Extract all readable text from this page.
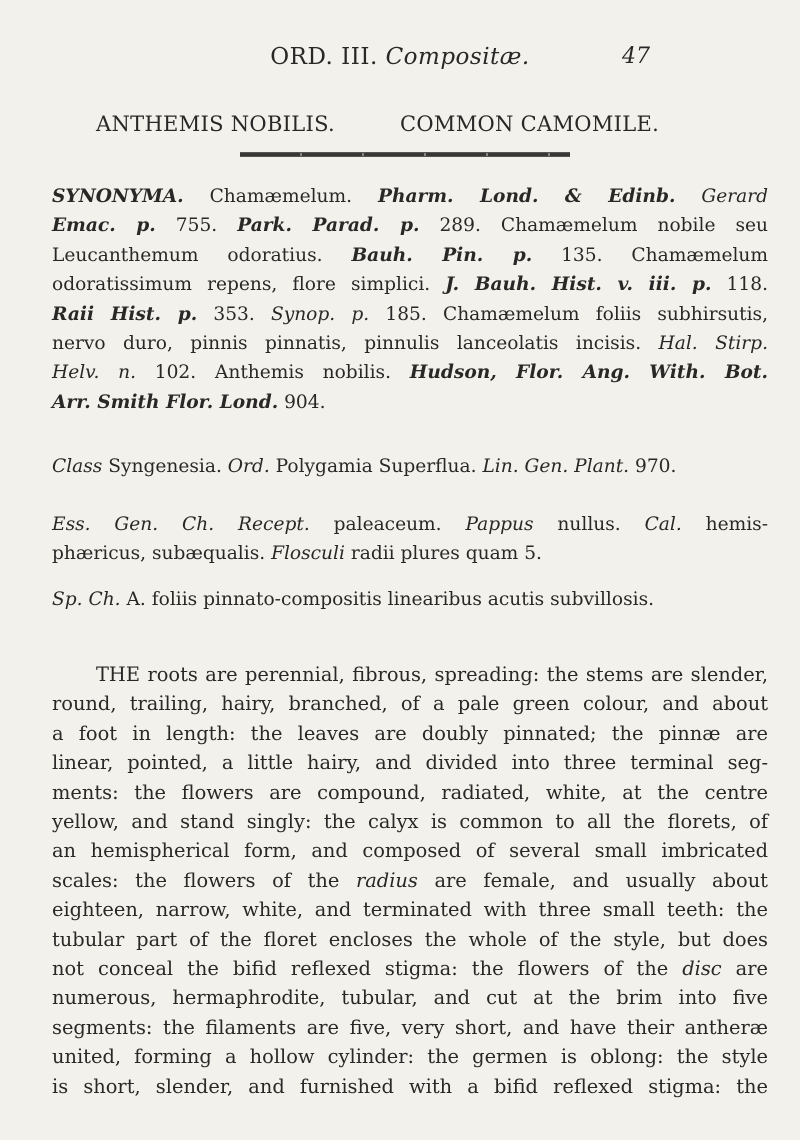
ORD. III. Compositæ.	47
ANTHEMIS NOBILIS.	COMMON CAMOMILE.
SYNONYMA. Chamæmelum. Pharm. Lond. & Edinb. Gerard
Emac. p. 755. Park. Parad. p. 289. Chamæmelum nobile seu
Leucanthemum odoratius. Bauh. Pin. p. 135. Chamæmelum
odoratissimum repens, flore simplici. J. Bauh. Hist. v. iii. p. 118.
Raii Hist. p. 353. Synop. p. 185. Chamæmelum foliis subhirsutis,
nervo duro, pinnis pinnatis, pinnulis lanceolatis incisis. Hal. Stirp.
Helv. n. 102. Anthemis nobilis. Hudson, Flor. Ang. With. Bot.
Arr. Smith Flor. Lond. 904.
Class Syngenesia. Ord. Polygamia Superflua. Lin. Gen. Plant. 970.
Ess. Gen. Ch. Recept. paleaceum. Pappus nullus. Cal. hemis-
phæricus, subæqualis. Flosculi radii plures quam 5.
Sp. Ch. A. foliis pinnato-compositis linearibus acutis subvillosis.
THE roots are perennial, fibrous, spreading: the stems are slender,
round, trailing, hairy, branched, of a pale green colour, and about
a foot in length: the leaves are doubly pinnated; the pinnæ are
linear, pointed, a little hairy, and divided into three terminal seg-
ments: the flowers are compound, radiated, white, at the centre
yellow, and stand singly: the calyx is common to all the florets, of
an hemispherical form, and composed of several small imbricated
scales: the flowers of the radius are female, and usually about
eighteen, narrow, white, and terminated with three small teeth: the
tubular part of the floret encloses the whole of the style, but does
not conceal the bifid reflexed stigma: the flowers of the disc are
numerous, hermaphrodite, tubular, and cut at the brim into five
segments: the filaments are five, very short, and have their antheræ
united, forming a hollow cylinder: the germen is oblong: the style
is short, slender, and furnished with a bifid reflexed stigma: the
